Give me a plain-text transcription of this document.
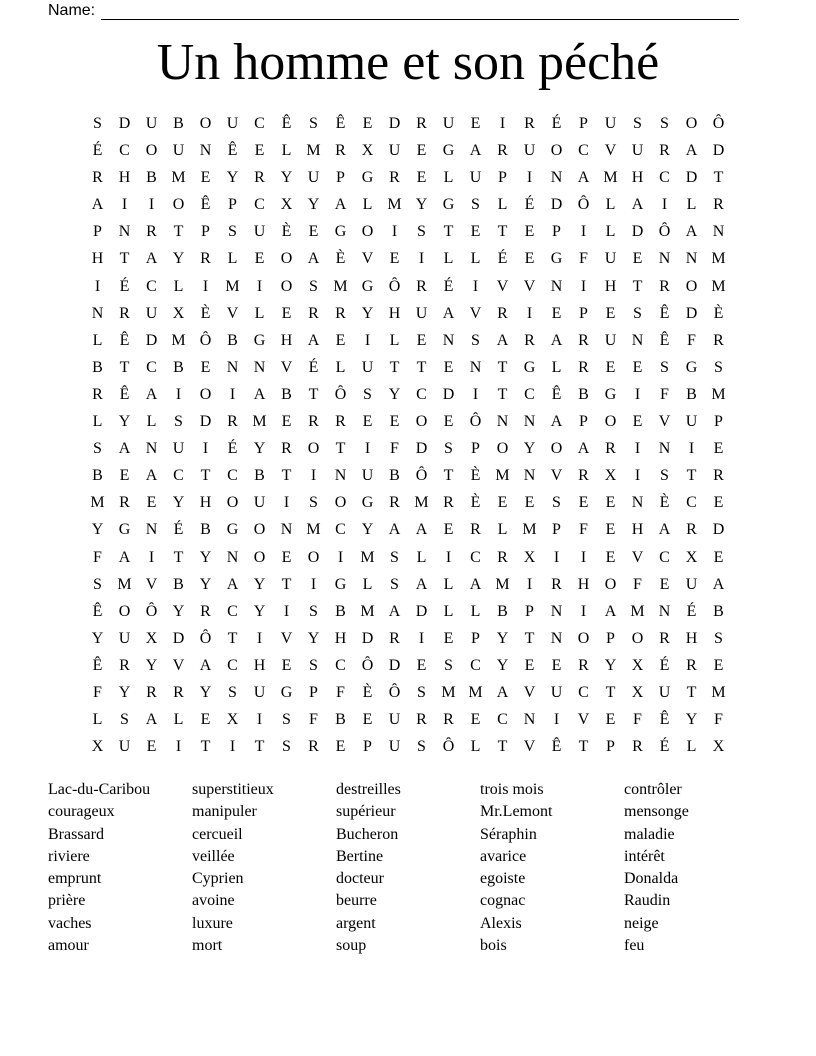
Name:
Un homme et son péché
S	D U B O U C	Ê	S	Ê	E	D R U	E	I	R	É	P	U	S	S	O Ô
É	C O U N	Ê	E	L M R X U	E	G A R U O C V U R A D
R H B M E	Y R Y U	P	G R	E	L	U	P	I	N A M H C D	T
A	I	I	O	Ê	P	C X Y A	L M Y G	S	L	É	D Ô	L	A	I	L	R
P	N R	T	P	S	U	È	E	G O	I	S	T	E	T	E	P	I	L	D Ô A N
H	T	A Y R	L	E	O A	È	V	E	I	L	L	É	E	G	F	U	E	N N M
I	É	C	L	I	M	I	O	S M G Ô R	É	I	V V N	I	H	T	R O M
N R U X	È	V	L	E	R	R Y H U A V R	I	E	P	E	S	Ê	D	È
L	Ê	D M Ô B G H A	E	I	L	E	N	S	A R A R U N	Ê	F	R
B	T	C	B	E	N N V	É	L	U	T	T	E	N	T	G	L	R	E	E	S	G	S
R	Ê	A	I	O	I	A B	T	Ô	S	Y C D	I	T	C	Ê	B G	I	F	B M
L	Y	L	S	D R M E	R	R	E	E	O	E	Ô N N A	P	O	E	V U	P
S	A N U	I	É	Y R O	T	I	F	D	S	P	O Y O A R	I	N	I	E
B	E	A C	T	C	B	T	I	N U B Ô	T	È M N V R X	I	S	T	R
M R	E	Y H O U	I	S	O G R M R	È	E	E	S	E	E	N	È	C	E
Y G N	É	B G O N M C Y A A	E	R	L M P	F	E	H A R D
F	A	I	T	Y N O	E	O	I	M S	L	I	C	R X	I	I	E	V C X	E
S M V B Y A Y	T	I	G	L	S	A	L	A M	I	R H O	F	E	U A
Ê	O Ô Y R	C Y	I	S	B M A D	L	L	B	P	N	I	A M N	É	B
Y U X D Ô	T	I	V Y H D R	I	E	P	Y	T	N O	P	O R H	S
Ê	R Y V A C H	E	S	C Ô D	E	S	C Y	E	E	R Y X	É	R	E
F	Y R	R Y	S	U G	P	F	È	Ô	S M M A V U C	T	X U	T M
L	S	A	L	E	X	I	S	F	B	E	U R	R	E	C N	I	V	E	F	Ê	Y	F
X U	E	I	T	I	T	S	R	E	P	U	S	Ô	L	T	V	Ê	T	P	R	É	L	X
Lac-du-Caribou
courageux
Brassard
riviere
emprunt
prière
vaches
amour
superstitieux
manipuler
cercueil
veillée
Cyprien
avoine
luxure
mort
destreilles
supérieur
Bucheron
Bertine
docteur
beurre
argent
soup
trois mois
Mr.Lemont
Séraphin
avarice
egoiste
cognac
Alexis
bois
contrôler
mensonge
maladie
intérêt
Donalda
Raudin
neige
feu
